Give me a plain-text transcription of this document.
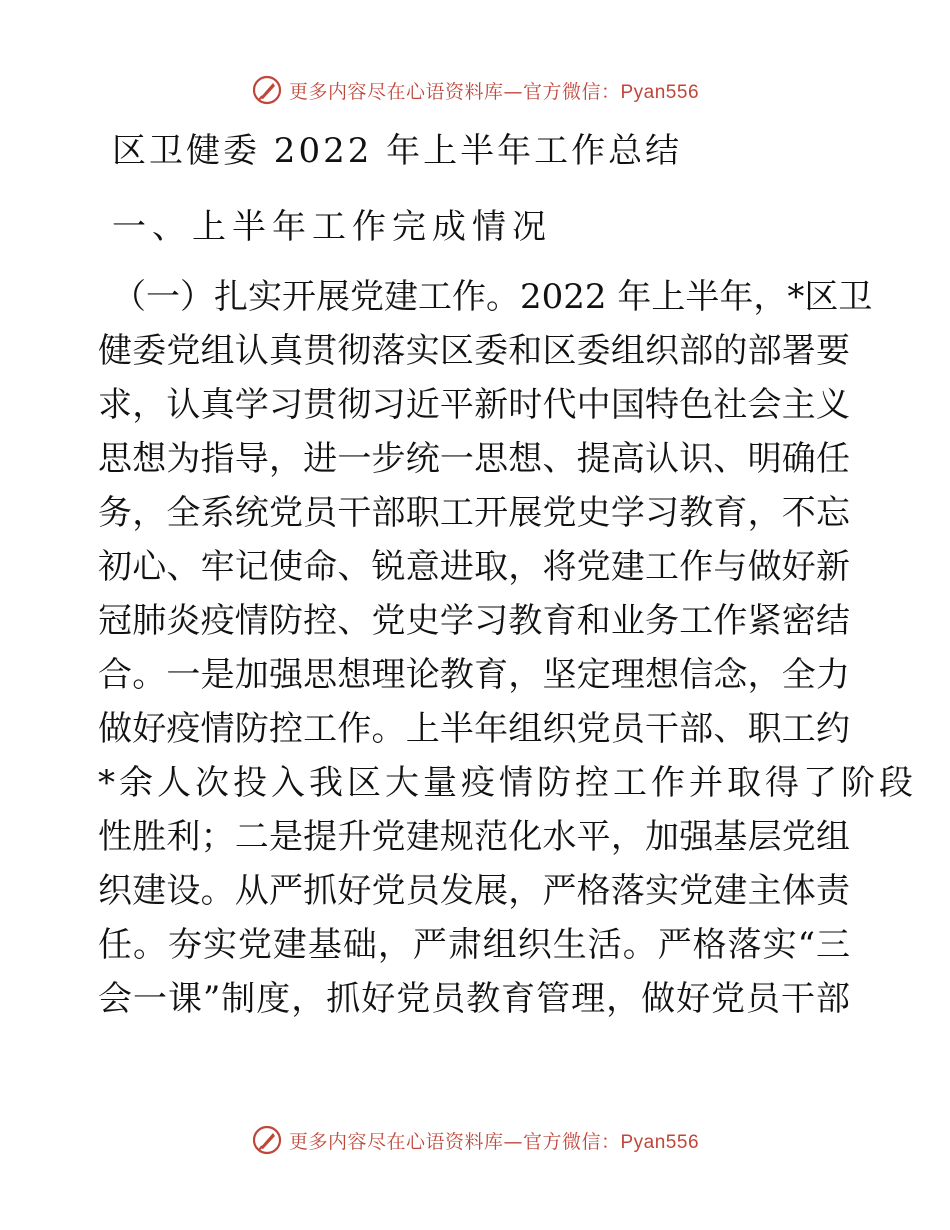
更多内容尽在心语资料库—官方微信：Pyan556
区卫健委 2022 年上半年工作总结
一、上半年工作完成情况
（一）扎实开展党建工作。2022 年上半年，*区卫
健委党组认真贯彻落实区委和区委组织部的部署要
求，认真学习贯彻习近平新时代中国特色社会主义
思想为指导，进一步统一思想、提高认识、明确任
务，全系统党员干部职工开展党史学习教育，不忘
初心、牢记使命、锐意进取，将党建工作与做好新
冠肺炎疫情防控、党史学习教育和业务工作紧密结
合。一是加强思想理论教育，坚定理想信念，全力
做好疫情防控工作。上半年组织党员干部、职工约
*余人次投入我区大量疫情防控工作并取得了阶段
性胜利；二是提升党建规范化水平，加强基层党组
织建设。从严抓好党员发展，严格落实党建主体责
任。夯实党建基础，严肃组织生活。严格落实“三
会一课”制度，抓好党员教育管理，做好党员干部
更多内容尽在心语资料库—官方微信：Pyan556
